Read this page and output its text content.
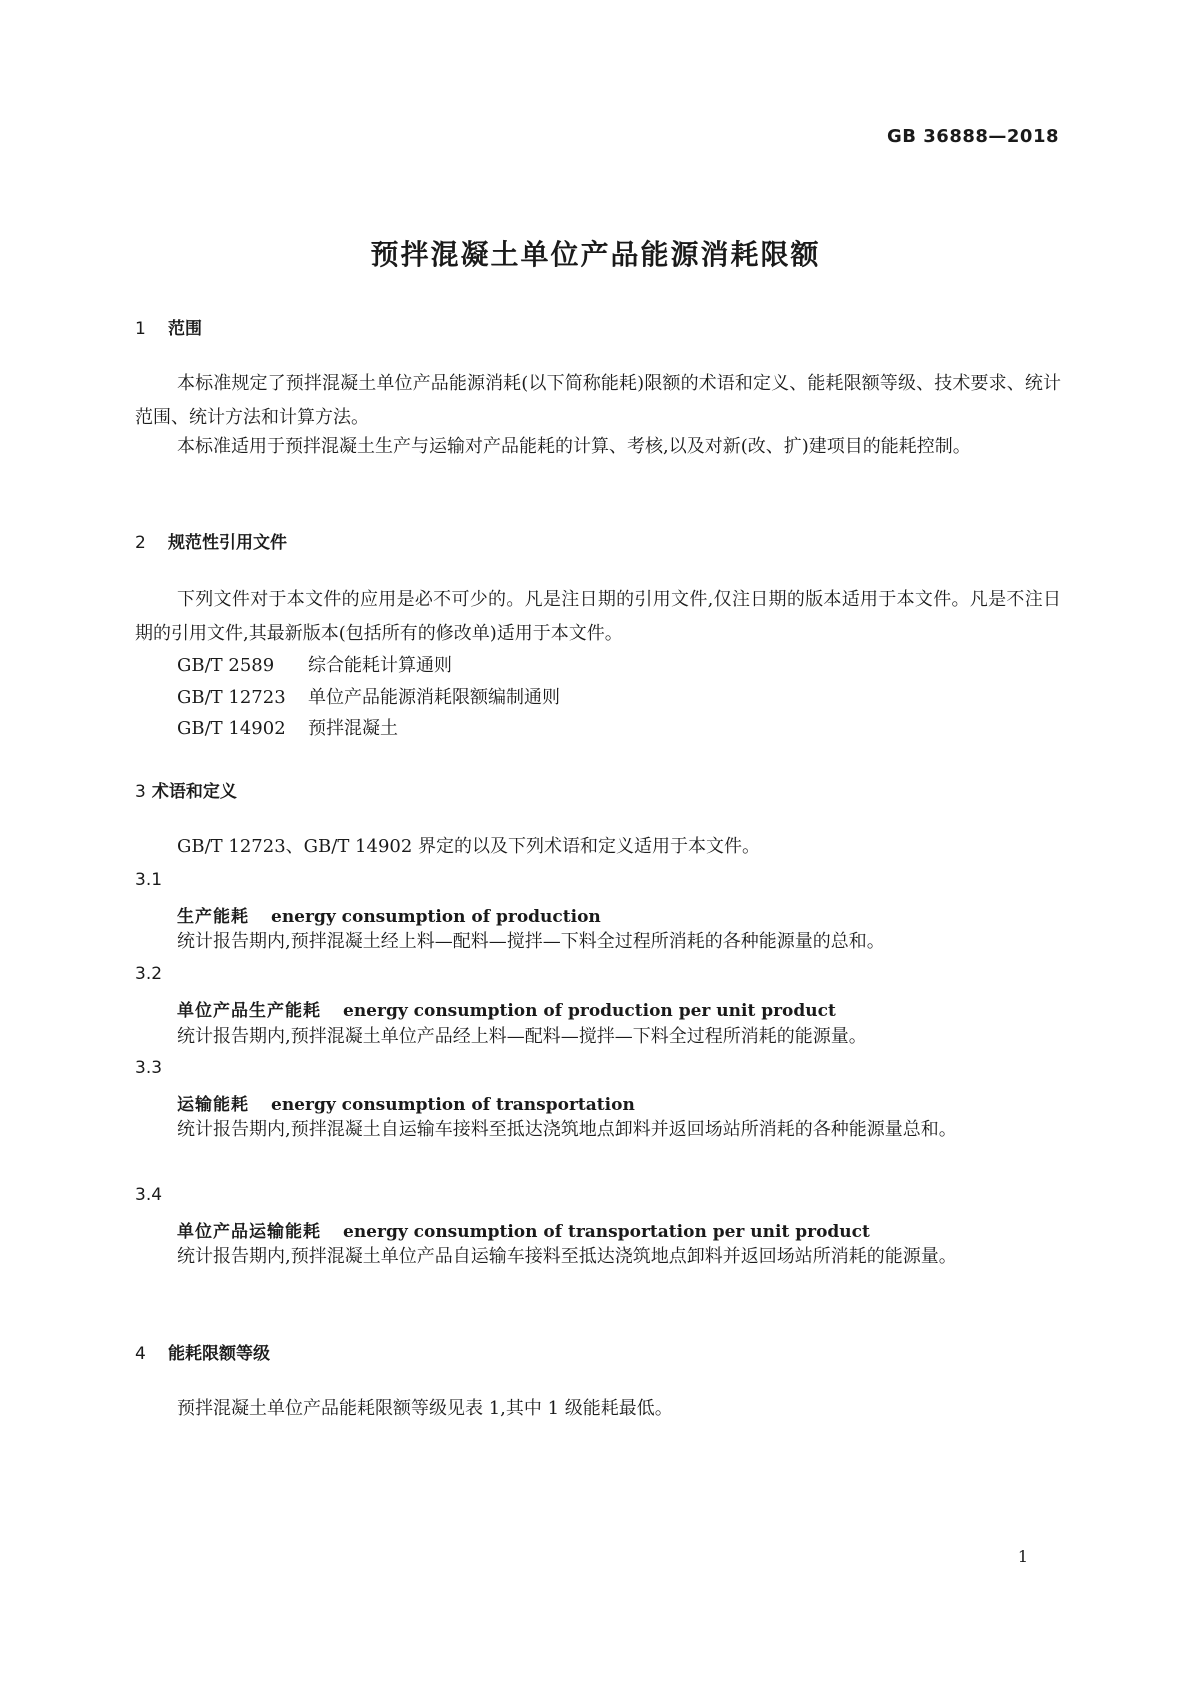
GB 36888—2018
预拌混凝土单位产品能源消耗限额
1 范围
本标准规定了预拌混凝土单位产品能源消耗(以下简称能耗)限额的术语和定义、能耗限额等级、技术要求、统计范围、统计方法和计算方法。
本标准适用于预拌混凝土生产与运输对产品能耗的计算、考核,以及对新(改、扩)建项目的能耗控制。
2 规范性引用文件
下列文件对于本文件的应用是必不可少的。凡是注日期的引用文件,仅注日期的版本适用于本文件。凡是不注日期的引用文件,其最新版本(包括所有的修改单)适用于本文件。
GB/T 2589 综合能耗计算通则
GB/T 12723 单位产品能源消耗限额编制通则
GB/T 14902 预拌混凝土
3 术语和定义
GB/T 12723、GB/T 14902 界定的以及下列术语和定义适用于本文件。
3.1
生产能耗 energy consumption of production
统计报告期内,预拌混凝土经上料—配料—搅拌—下料全过程所消耗的各种能源量的总和。
3.2
单位产品生产能耗 energy consumption of production per unit product
统计报告期内,预拌混凝土单位产品经上料—配料—搅拌—下料全过程所消耗的能源量。
3.3
运输能耗 energy consumption of transportation
统计报告期内,预拌混凝土自运输车接料至抵达浇筑地点卸料并返回场站所消耗的各种能源量总和。
3.4
单位产品运输能耗 energy consumption of transportation per unit product
统计报告期内,预拌混凝土单位产品自运输车接料至抵达浇筑地点卸料并返回场站所消耗的能源量。
4 能耗限额等级
预拌混凝土单位产品能耗限额等级见表 1,其中 1 级能耗最低。
1
